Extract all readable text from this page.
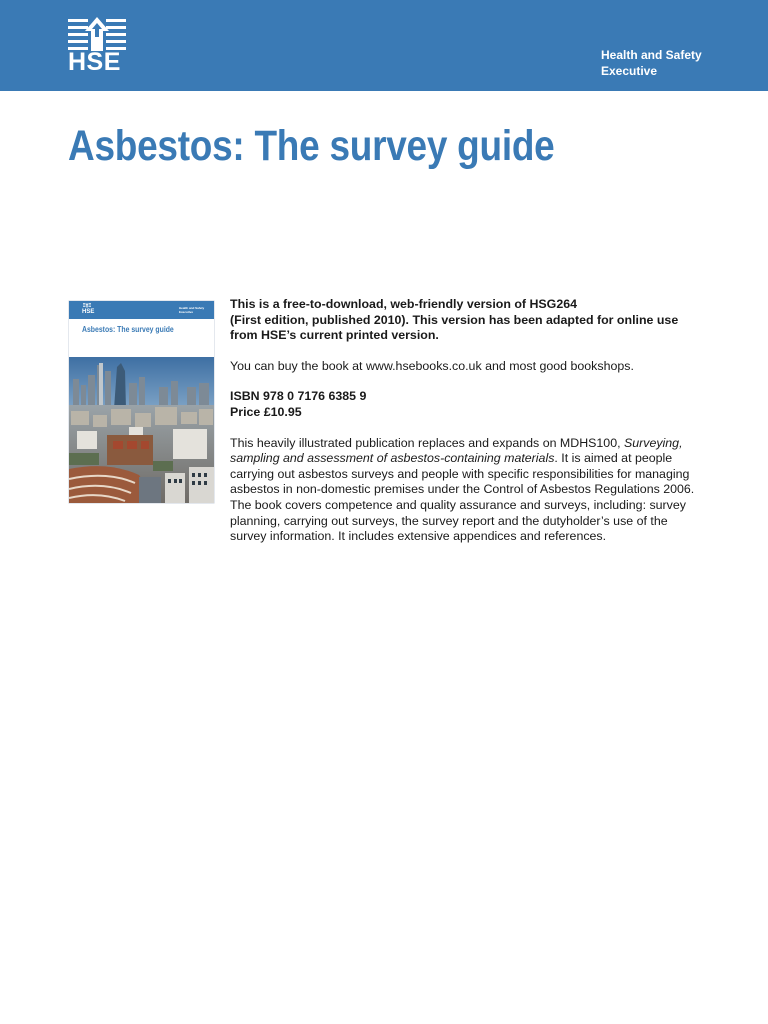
HSE	Health and Safety
Executive
Asbestos: The survey guide
HSE
Health and Safety Executive
Asbestos: The survey guide

This is a free-to-download, web-friendly version of HSG264
(First edition, published 2010). This version has been adapted for online use
from HSE’s current printed version.

You can buy the book at www.hsebooks.co.uk and most good bookshops.

ISBN 978 0 7176 6385 9
Price £10.95

This heavily illustrated publication replaces and expands on MDHS100, Surveying, sampling and assessment of asbestos-containing materials. It is aimed at people carrying out asbestos surveys and people with specific responsibilities for managing asbestos in non-domestic premises under the Control of Asbestos Regulations 2006. The book covers competence and quality assurance and surveys, including: survey planning, carrying out surveys, the survey report and the dutyholder’s use of the survey information. It includes extensive appendices and references.
